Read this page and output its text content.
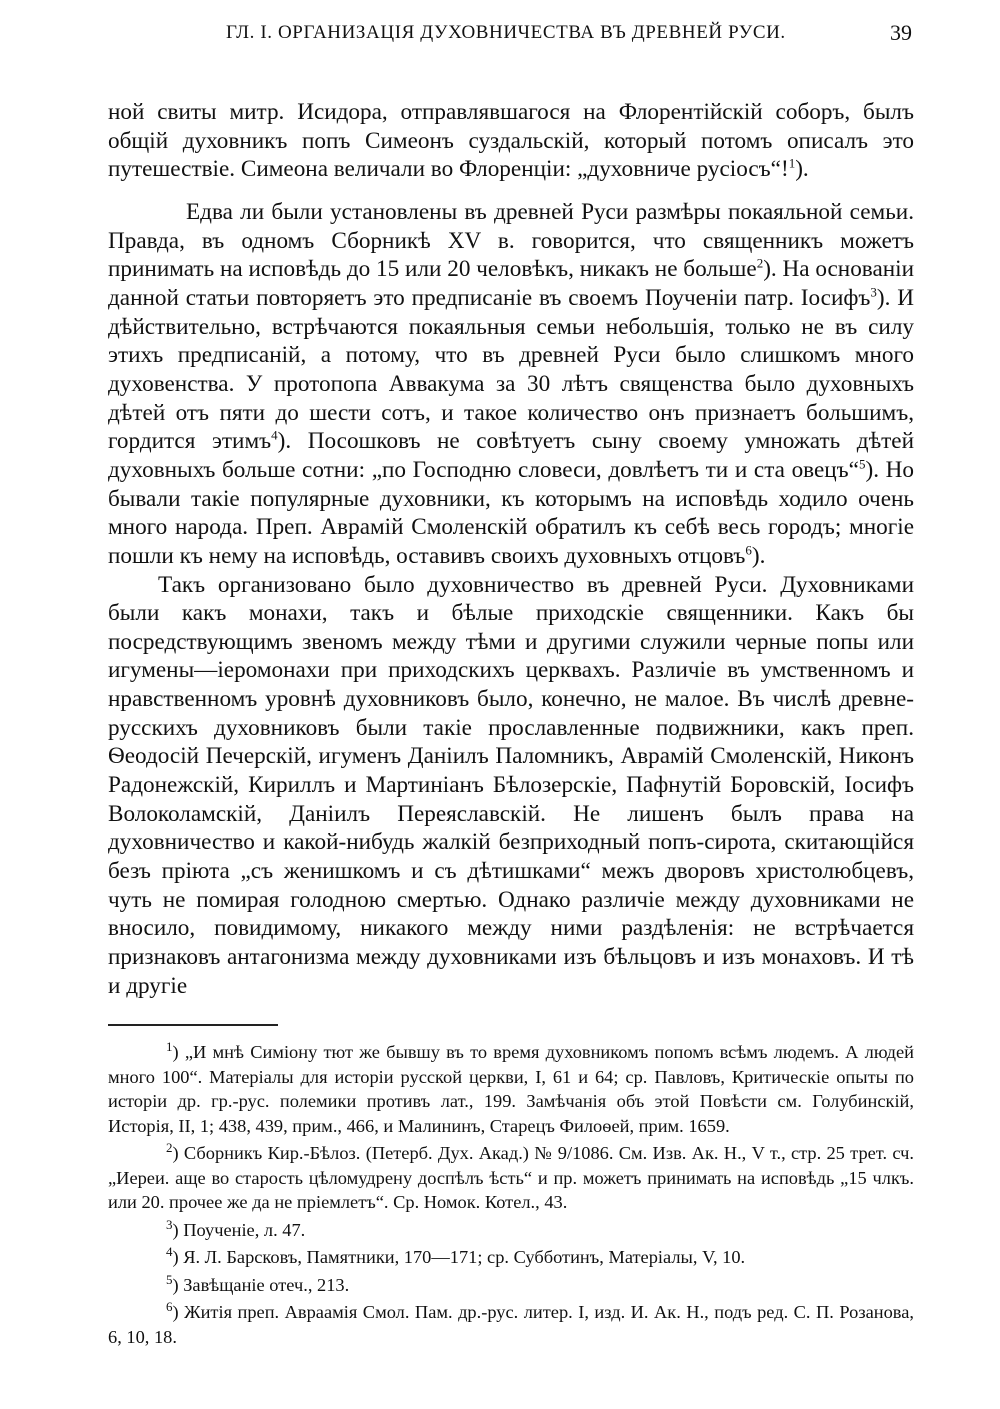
ГЛ. I. ОРГАНИЗАЦІЯ ДУХОВНИЧЕСТВА ВЪ ДРЕВНЕЙ РУСИ.	39

ной свиты митр. Исидора, отправлявшагося на Флорентійскій соборъ, былъ общій духовникъ попъ Симеонъ суздальскій, который потомъ описалъ это путешествіе. Симеона величали во Флоренціи: „духовниче русіосъ“!$^1$).

Едва ли были установлены въ древней Руси размѣры покаяльной семьи. Правда, въ одномъ Сборникѣ XV в. говорится, что священникъ можетъ принимать на исповѣдь до 15 или 20 человѣкъ, никакъ не больше$^2$). На основаніи данной статьи повторяетъ это предписаніе въ своемъ Поученіи патр. Іосифъ$^3$). И дѣйствительно, встрѣчаются покаяльныя семьи небольшія, только не въ силу этихъ предписаній, а потому, что въ древней Руси было слишкомъ много духовенства. У протопопа Аввакума за 30 лѣтъ священства было духовныхъ дѣтей отъ пяти до шести сотъ, и такое количество онъ признаетъ большимъ, гордится этимъ$^4$). Посошковъ не совѣтуетъ сыну своему умножать дѣтей духовныхъ больше сотни: „по Господню словеси, довлѣетъ ти и ста овецъ“$^5$). Но бывали такіе популярные духовники, къ которымъ на исповѣдь ходило очень много народа. Преп. Аврамій Смоленскій обратилъ къ себѣ весь городъ; многіе пошли къ нему на исповѣдь, оставивъ своихъ духовныхъ отцовъ$^6$).

Такъ организовано было духовничество въ древней Руси. Духовниками были какъ монахи, такъ и бѣлые приходскіе священники. Какъ бы посредствующимъ звеномъ между тѣми и другими служили черные попы или игумены—іеромонахи при приходскихъ церквахъ. Различіе въ умственномъ и нравственномъ уровнѣ духовниковъ было, конечно, не малое. Въ числѣ древне-русскихъ духовниковъ были такіе прославленные подвижники, какъ преп. Ѳеодосій Печерскій, игуменъ Даніилъ Паломникъ, Аврамій Смоленскій, Никонъ Радонежскій, Кириллъ и Мартиніанъ Бѣлозерскіе, Пафнутій Боровскій, Іосифъ Волоколамскій, Даніилъ Переяславскій. Не лишенъ былъ права на духовничество и какой-нибудь жалкій безприходный попъ-сирота, скитающійся безъ пріюта „съ женишкомъ и съ дѣтишками“ межъ дворовъ христолюбцевъ, чуть не помирая голодною смертью. Однако различіе между духовниками не вносило, повидимому, никакого между ними раздѣленія: не встрѣчается признаковъ антагонизма между духовниками изъ бѣльцовъ и изъ монаховъ. И тѣ и другіе

$^1$) „И мнѣ Симіону тют же бывшу въ то время духовникомъ попомъ всѣмъ людемъ. А людей много 100“. Матеріалы для исторіи русской церкви, I, 61 и 64; ср. Павловъ, Критическіе опыты по исторіи др. гр.-рус. полемики противъ лат., 199. Замѣчанія объ этой Повѣсти см. Голубинскій, Исторія, II, 1; 438, 439, прим., 466, и Малининъ, Старецъ Филоѳей, прим. 1659.

$^2$) Сборникъ Кир.-Бѣлоз. (Петерб. Дух. Акад.) № 9/1086. См. Изв. Ак. Н., V т., стр. 25 трет. сч. „Иереи. аще во старость цѣломудрену доспѣлъ ѣсть“ и пр. можетъ принимать на исповѣдь „15 члкъ. или 20. прочее же да не пріемлетъ“. Ср. Номок. Котел., 43.

$^3$) Поученіе, л. 47.

$^4$) Я. Л. Барсковъ, Памятники, 170—171; ср. Субботинъ, Матеріалы, V, 10.

$^5$) Завѣщаніе отеч., 213.

$^6$) Житія преп. Авраамія Смол. Пам. др.-рус. литер. I, изд. И. Ак. Н., подъ ред. С. П. Розанова, 6, 10, 18.
